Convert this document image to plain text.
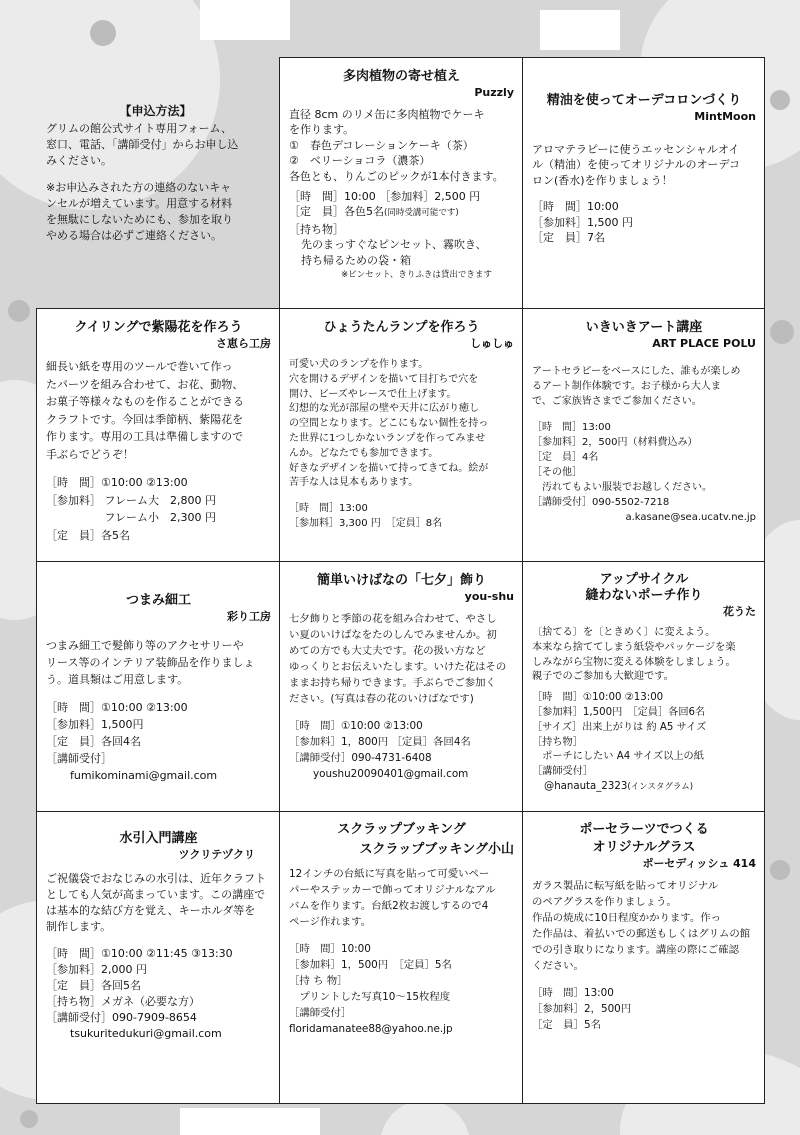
【申込方法】
グリムの館公式サイト専用フォーム、
窓口、電話、「講師受付」からお申し込
みください。
※お申込みされた方の連絡のないキャ
ンセルが増えています。用意する材料
を無駄にしないためにも、参加を取り
やめる場合は必ずご連絡ください。
多肉植物の寄せ植え
Puzzly
直径 8cm のリメ缶に多肉植物でケーキ
を作ります。
①　春色デコレーションケーキ（茶）
②　ベリーショコラ（濃茶）
各色とも、りんごのピックが1本付きます。
［時　間］10:00 ［参加料］2,500 円
［定　員］各色5名(同時受講可能です)
［持ち物］
先のまっすぐなピンセット、霧吹き、
持ち帰るための袋・箱
※ピンセット、きりふきは貸出できます
精油を使ってオーデコロンづくり
MintMoon
アロマテラピーに使うエッセンシャルオイ
ル（精油）を使ってオリジナルのオーデコ
ロン(香水)を作りましょう！
［時　間］10:00
［参加料］1,500 円
［定　員］7名
クイリングで紫陽花を作ろう
さ恵ら工房
細長い紙を専用のツールで巻いて作っ
たパーツを組み合わせて、お花、動物、
お菓子等様々なものを作ることができる
クラフトです。今回は季節柄、紫陽花を
作ります。専用の工具は準備しますので
手ぶらでどうぞ！
［時　間］①10:00 ②13:00
［参加料］ フレーム大　2,800 円
　　　　　 フレーム小　2,300 円
［定　員］各5名
ひょうたんランプを作ろう
しゅしゅ
可愛い犬のランプを作ります。
穴を開けるデザインを描いて目打ちで穴を
開け、ビーズやレースで仕上げます。
幻想的な光が部屋の壁や天井に広がり癒し
の空間となります。どこにもない個性を持っ
た世界に1つしかないランプを作ってみませ
んか。どなたでも参加できます。
好きなデザインを描いて持ってきてね。絵が
苦手な人は見本もあります。
［時　間］13:00
［参加料］3,300 円　［定員］8名
いきいきアート講座
ART PLACE POLU
アートセラピーをベースにした、誰もが楽しめ
るアート制作体験です。お子様から大人ま
で、ご家族皆さまでご参加ください。
［時　間］13:00
［参加料］2，500円（材料費込み）
［定　員］4名
［その他］
　汚れてもよい服装でお越しください。
［講師受付］090-5502-7218
a.kasane@sea.ucatv.ne.jp
つまみ細工
彩り工房
つまみ細工で髪飾り等のアクセサリーや
リース等のインテリア装飾品を作りましょ
う。道具類はご用意します。
［時　間］①10:00 ②13:00
［参加料］1,500円
［定　員］各回4名
［講師受付］
fumikominami@gmail.com
簡単いけばなの「七夕」飾り
you-shu
七夕飾りと季節の花を組み合わせて、やさし
い夏のいけばなをたのしんでみませんか。初
めての方でも大丈夫です。花の扱い方など
ゆっくりとお伝えいたします。いけた花はその
ままお持ち帰りできます。手ぶらでご参加く
ださい。(写真は春の花のいけばなです)
［時　間］①10:00 ②13:00
［参加料］1，800円 ［定員］各回4名
［講師受付］090-4731-6408
youshu20090401@gmail.com
アップサイクル
縫わないポーチ作り
花うた
〔捨てる〕を〔ときめく〕に変えよう。
本来なら捨ててしまう紙袋やパッケージを楽
しみながら宝物に変える体験をしましょう。
親子でのご参加も大歓迎です。
［時　間］①10:00 ②13:00
［参加料］1,500円　［定員］各回6名
［サイズ］出来上がりは 約 A5 サイズ
［持ち物］
　ポーチにしたい A4 サイズ以上の紙
［講師受付］
@hanauta_2323(インスタグラム)
水引入門講座
ツクリテヅクリ
ご祝儀袋でおなじみの水引は、近年クラフト
としても人気が高まっています。この講座で
は基本的な結び方を覚え、キーホルダ等を
制作します。
［時　間］①10:00 ②11:45 ③13:30
［参加料］2,000 円
［定　員］各回5名
［持ち物］メガネ（必要な方）
［講師受付］090-7909-8654
tsukuritedukuri@gmail.com
スクラップブッキング
スクラップブッキング小山
12インチの台紙に写真を貼って可愛いペー
パーやステッカーで飾ってオリジナルなアル
バムを作ります。台紙2枚お渡しするので4
ページ作れます。
［時　間］10:00
［参加料］1，500円　［定員］5名
［持 ち 物］
　プリントした写真10～15枚程度
［講師受付］
floridamanatee88@yahoo.ne.jp
ポーセラーツでつくる
オリジナルグラス
ポーセディッシュ 414
ガラス製品に転写紙を貼ってオリジナル
のペアグラスを作りましょう。
作品の焼成に10日程度かかります。作っ
た作品は、着払いでの郵送もしくはグリムの館
での引き取りになります。講座の際にご確認
ください。
［時　間］13:00
［参加料］2，500円
［定　員］5名
